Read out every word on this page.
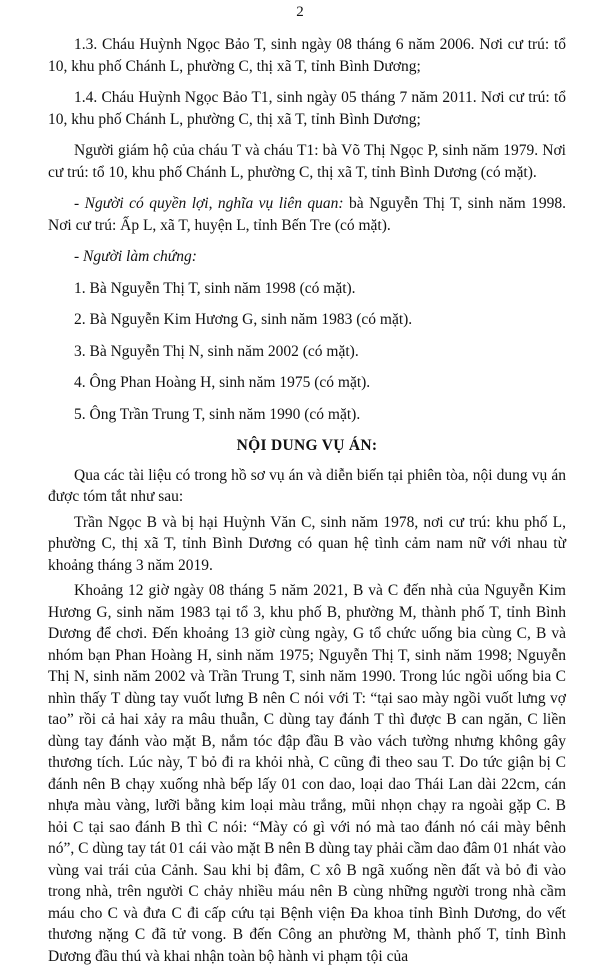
2

1.3. Cháu Huỳnh Ngọc Bảo T, sinh ngày 08 tháng 6 năm 2006. Nơi cư trú: tổ 10, khu phố Chánh L, phường C, thị xã T, tỉnh Bình Dương;

1.4. Cháu Huỳnh Ngọc Bảo T1, sinh ngày 05 tháng 7 năm 2011. Nơi cư trú: tổ 10, khu phố Chánh L, phường C, thị xã T, tỉnh Bình Dương;

Người giám hộ của cháu T và cháu T1: bà Võ Thị Ngọc P, sinh năm 1979. Nơi cư trú: tổ 10, khu phố Chánh L, phường C, thị xã T, tỉnh Bình Dương (có mặt).

- Người có quyền lợi, nghĩa vụ liên quan: bà Nguyễn Thị T, sinh năm 1998. Nơi cư trú: Ấp L, xã T, huyện L, tỉnh Bến Tre (có mặt).

- Người làm chứng:

1. Bà Nguyễn Thị T, sinh năm 1998 (có mặt).

2. Bà Nguyễn Kim Hương G, sinh năm 1983 (có mặt).

3. Bà Nguyễn Thị N, sinh năm 2002 (có mặt).

4. Ông Phan Hoàng H, sinh năm 1975 (có mặt).

5. Ông Trần Trung T, sinh năm 1990 (có mặt).

NỘI DUNG VỤ ÁN:

Qua các tài liệu có trong hồ sơ vụ án và diễn biến tại phiên tòa, nội dung vụ án được tóm tắt như sau:

Trần Ngọc B và bị hại Huỳnh Văn C, sinh năm 1978, nơi cư trú: khu phố L, phường C, thị xã T, tỉnh Bình Dương có quan hệ tình cảm nam nữ với nhau từ khoảng tháng 3 năm 2019.

Khoảng 12 giờ ngày 08 tháng 5 năm 2021, B và C đến nhà của Nguyễn Kim Hương G, sinh năm 1983 tại tổ 3, khu phố B, phường M, thành phố T, tỉnh Bình Dương để chơi. Đến khoảng 13 giờ cùng ngày, G tổ chức uống bia cùng C, B và nhóm bạn Phan Hoàng H, sinh năm 1975; Nguyễn Thị T, sinh năm 1998; Nguyễn Thị N, sinh năm 2002 và Trần Trung T, sinh năm 1990. Trong lúc ngồi uống bia C nhìn thấy T dùng tay vuốt lưng B nên C nói với T: “tại sao mày ngồi vuốt lưng vợ tao” rồi cả hai xảy ra mâu thuẫn, C dùng tay đánh T thì được B can ngăn, C liền dùng tay đánh vào mặt B, nắm tóc đập đầu B vào vách tường nhưng không gây thương tích. Lúc này, T bỏ đi ra khỏi nhà, C cũng đi theo sau T. Do tức giận bị C đánh nên B chạy xuống nhà bếp lấy 01 con dao, loại dao Thái Lan dài 22cm, cán nhựa màu vàng, lưỡi bằng kim loại màu trắng, mũi nhọn chạy ra ngoài gặp C. B hỏi C tại sao đánh B thì C nói: “Mày có gì với nó mà tao đánh nó cái mày bênh nó”, C dùng tay tát 01 cái vào mặt B nên B dùng tay phải cầm dao đâm 01 nhát vào vùng vai trái của Cảnh. Sau khi bị đâm, C xô B ngã xuống nền đất và bỏ đi vào trong nhà, trên người C chảy nhiều máu nên B cùng những người trong nhà cầm máu cho C và đưa C đi cấp cứu tại Bệnh viện Đa khoa tỉnh Bình Dương, do vết thương nặng C đã tử vong. B đến Công an phường M, thành phố T, tỉnh Bình Dương đầu thú và khai nhận toàn bộ hành vi phạm tội của
